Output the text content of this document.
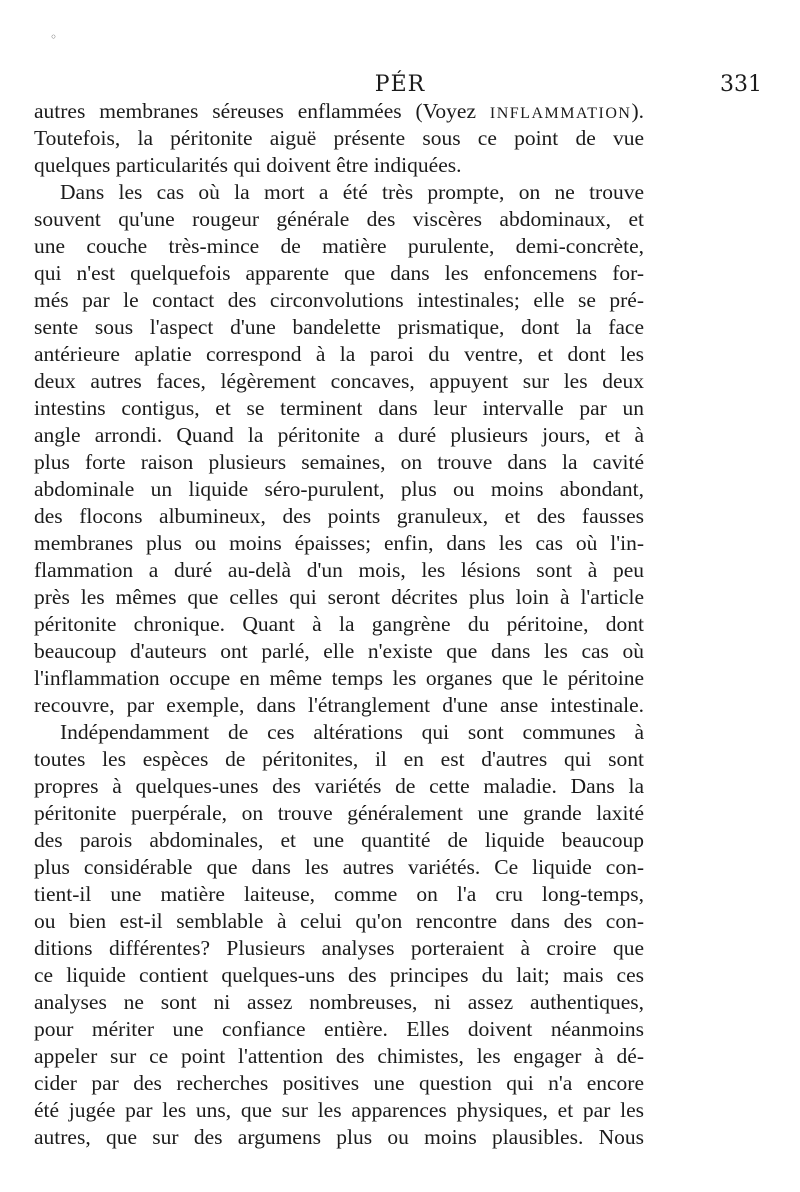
◦
PÉR	331
autres membranes séreuses enflammées (Voyez INFLAMMATION).
Toutefois, la péritonite aiguë présente sous ce point de vue
quelques particularités qui doivent être indiquées.
Dans les cas où la mort a été très prompte, on ne trouve
souvent qu'une rougeur générale des viscères abdominaux, et
une couche très-mince de matière purulente, demi-concrète,
qui n'est quelquefois apparente que dans les enfoncemens for-
més par le contact des circonvolutions intestinales; elle se pré-
sente sous l'aspect d'une bandelette prismatique, dont la face
antérieure aplatie correspond à la paroi du ventre, et dont les
deux autres faces, légèrement concaves, appuyent sur les deux
intestins contigus, et se terminent dans leur intervalle par un
angle arrondi. Quand la péritonite a duré plusieurs jours, et à
plus forte raison plusieurs semaines, on trouve dans la cavité
abdominale un liquide séro-purulent, plus ou moins abondant,
des flocons albumineux, des points granuleux, et des fausses
membranes plus ou moins épaisses; enfin, dans les cas où l'in-
flammation a duré au-delà d'un mois, les lésions sont à peu
près les mêmes que celles qui seront décrites plus loin à l'article
péritonite chronique. Quant à la gangrène du péritoine, dont
beaucoup d'auteurs ont parlé, elle n'existe que dans les cas où
l'inflammation occupe en même temps les organes que le péritoine
recouvre, par exemple, dans l'étranglement d'une anse intestinale.
Indépendamment de ces altérations qui sont communes à
toutes les espèces de péritonites, il en est d'autres qui sont
propres à quelques-unes des variétés de cette maladie. Dans la
péritonite puerpérale, on trouve généralement une grande laxité
des parois abdominales, et une quantité de liquide beaucoup
plus considérable que dans les autres variétés. Ce liquide con-
tient-il une matière laiteuse, comme on l'a cru long-temps,
ou bien est-il semblable à celui qu'on rencontre dans des con-
ditions différentes? Plusieurs analyses porteraient à croire que
ce liquide contient quelques-uns des principes du lait; mais ces
analyses ne sont ni assez nombreuses, ni assez authentiques,
pour mériter une confiance entière. Elles doivent néanmoins
appeler sur ce point l'attention des chimistes, les engager à dé-
cider par des recherches positives une question qui n'a encore
été jugée par les uns, que sur les apparences physiques, et par les
autres, que sur des argumens plus ou moins plausibles. Nous
